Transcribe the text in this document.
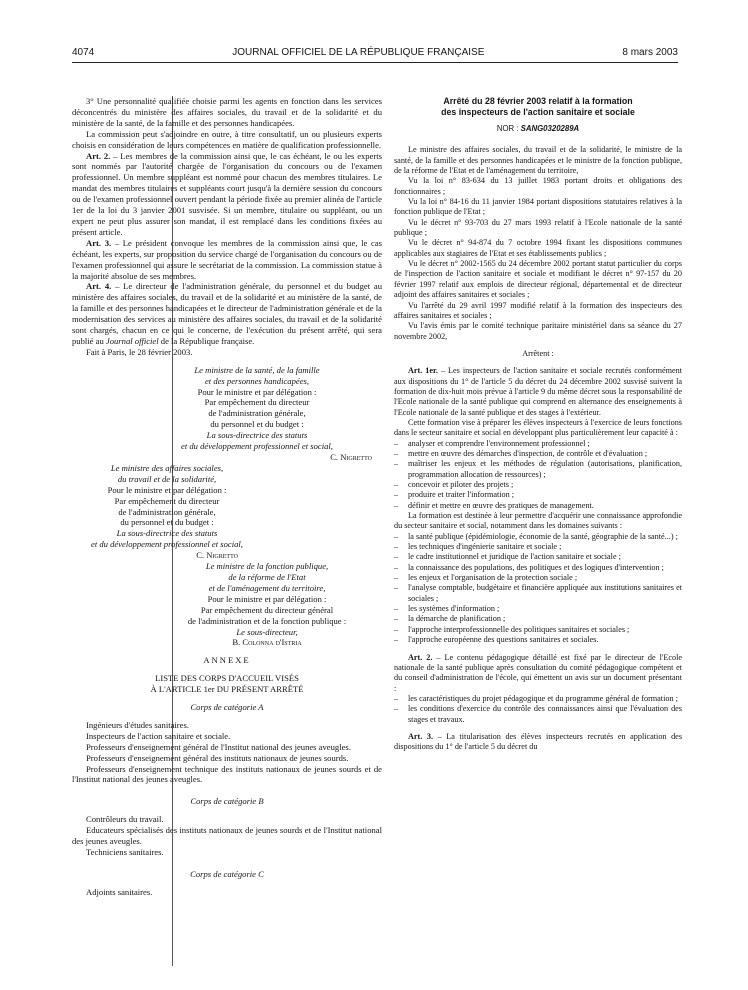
4074	JOURNAL OFFICIEL DE LA RÉPUBLIQUE FRANÇAISE	8 mars 2003

3° Une personnalité qualifiée choisie parmi les agents en fonction dans les services déconcentrés du ministère des affaires sociales, du travail et de la solidarité et du ministère de la santé, de la famille et des personnes handicapées.

La commission peut s'adjoindre en outre, à titre consultatif, un ou plusieurs experts choisis en considération de leurs compétences en matière de qualification professionnelle.

Art. 2. – Les membres de la commission ainsi que, le cas échéant, le ou les experts sont nommés par l'autorité chargée de l'organisation du concours ou de l'examen professionnel. Un membre suppléant est nommé pour chacun des membres titulaires. Le mandat des membres titulaires et suppléants court jusqu'à la dernière session du concours ou de l'examen professionnel ouvert pendant la période fixée au premier alinéa de l'article 1er de la loi du 3 janvier 2001 susvisée. Si un membre, titulaire ou suppléant, ou un expert ne peut plus assurer son mandat, il est remplacé dans les conditions fixées au présent article.

Art. 3. – Le président convoque les membres de la commission ainsi que, le cas échéant, les experts, sur proposition du service chargé de l'organisation du concours ou de l'examen professionnel qui assure le secrétariat de la commission. La commission statue à la majorité absolue de ses membres.

Art. 4. – Le directeur de l'administration générale, du personnel et du budget au ministère des affaires sociales, du travail et de la solidarité et au ministère de la santé, de la famille et des personnes handicapées et le directeur de l'administration générale et de la modernisation des services au ministère des affaires sociales, du travail et de la solidarité sont chargés, chacun en ce qui le concerne, de l'exécution du présent arrêté, qui sera publié au Journal officiel de la République française.

Fait à Paris, le 28 février 2003.

Le ministre de la santé, de la famille
et des personnes handicapées,
Pour le ministre et par délégation :
Par empêchement du directeur
de l'administration générale,
du personnel et du budget :
La sous-directrice des statuts
et du développement professionnel et social,
C. Nigretto
Le ministre des affaires sociales,
du travail et de la solidarité,
Pour le ministre et par délégation :
Par empêchement du directeur
de l'administration générale,
du personnel et du budget :
La sous-directrice des statuts
et du développement professionnel et social,
C. Nigretto
Le ministre de la fonction publique,
de la réforme de l'Etat
et de l'aménagement du territoire,
Pour le ministre et par délégation :
Par empêchement du directeur général
de l'administration et de la fonction publique :
Le sous-directeur,
B. Colonna d'Istria

ANNEXE

LISTE DES CORPS D'ACCUEIL VISÉS

À L'ARTICLE 1er DU PRÉSENT ARRÊTÉ

Corps de catégorie A

Ingénieurs d'études sanitaires.

Inspecteurs de l'action sanitaire et sociale.

Professeurs d'enseignement général de l'Institut national des jeunes aveugles.

Professeurs d'enseignement général des instituts nationaux de jeunes sourds.

Professeurs d'enseignement technique des instituts nationaux de jeunes sourds et de l'Institut national des jeunes aveugles.

Corps de catégorie B

Contrôleurs du travail.

Educateurs spécialisés des instituts nationaux de jeunes sourds et de l'Institut national des jeunes aveugles.

Techniciens sanitaires.

Corps de catégorie C

Adjoints sanitaires.

Arrêté du 28 février 2003 relatif à la formation

des inspecteurs de l'action sanitaire et sociale

NOR : SANG0320289A

Le ministre des affaires sociales, du travail et de la solidarité, le ministre de la santé, de la famille et des personnes handicapées et le ministre de la fonction publique, de la réforme de l'Etat et de l'aménagement du territoire,

Vu la loi n° 83-634 du 13 juillet 1983 portant droits et obligations des fonctionnaires ;

Vu la loi n° 84-16 du 11 janvier 1984 portant dispositions statutaires relatives à la fonction publique de l'Etat ;

Vu le décret n° 93-703 du 27 mars 1993 relatif à l'Ecole nationale de la santé publique ;

Vu le décret n° 94-874 du 7 octobre 1994 fixant les dispositions communes applicables aux stagiaires de l'Etat et ses établissements publics ;

Vu le décret n° 2002-1565 du 24 décembre 2002 portant statut particulier du corps de l'inspection de l'action sanitaire et sociale et modifiant le décret n° 97-157 du 20 février 1997 relatif aux emplois de directeur régional, départemental et de directeur adjoint des affaires sanitaires et sociales ;

Vu l'arrêté du 29 avril 1997 modifié relatif à la formation des inspecteurs des affaires sanitaires et sociales ;

Vu l'avis émis par le comité technique paritaire ministériel dans sa séance du 27 novembre 2002,

Arrêtent :

Art. 1er. – Les inspecteurs de l'action sanitaire et sociale recrutés conformément aux dispositions du 1° de l'article 5 du décret du 24 décembre 2002 susvisé suivent la formation de dix-huit mois prévue à l'article 9 du même décret sous la responsabilité de l'Ecole nationale de la santé publique qui comprend en alternance des enseignements à l'Ecole nationale de la santé publique et des stages à l'extérieur.

Cette formation vise à préparer les élèves inspecteurs à l'exercice de leurs fonctions dans le secteur sanitaire et social en développant plus particulièrement leur capacité à :

– analyser et comprendre l'environnement professionnel ;
– mettre en œuvre des démarches d'inspection, de contrôle et d'évaluation ;
– maîtriser les enjeux et les méthodes de régulation (autorisations, planification, programmation allocation de ressources) ;
– concevoir et piloter des projets ;
– produire et traiter l'information ;
– définir et mettre en œuvre des pratiques de management.

La formation est destinée à leur permettre d'acquérir une connaissance approfondie du secteur sanitaire et social, notamment dans les domaines suivants :

– la santé publique (épidémiologie, économie de la santé, géographie de la santé...) ;
– les techniques d'ingénierie sanitaire et sociale ;
– le cadre institutionnel et juridique de l'action sanitaire et sociale ;
– la connaissance des populations, des politiques et des logiques d'intervention ;
– les enjeux et l'organisation de la protection sociale ;
– l'analyse comptable, budgétaire et financière appliquée aux institutions sanitaires et sociales ;
– les systèmes d'information ;
– la démarche de planification ;
– l'approche interprofessionnelle des politiques sanitaires et sociales ;
– l'approche européenne des questions sanitaires et sociales.

Art. 2. – Le contenu pédagogique détaillé est fixé par le directeur de l'Ecole nationale de la santé publique après consultation du comité pédagogique compétent et du conseil d'administration de l'école, qui émettent un avis sur un document présentant :

– les caractéristiques du projet pédagogique et du programme général de formation ;
– les conditions d'exercice du contrôle des connaissances ainsi que l'évaluation des stages et travaux.

Art. 3. – La titularisation des élèves inspecteurs recrutés en application des dispositions du 1° de l'article 5 du décret du
